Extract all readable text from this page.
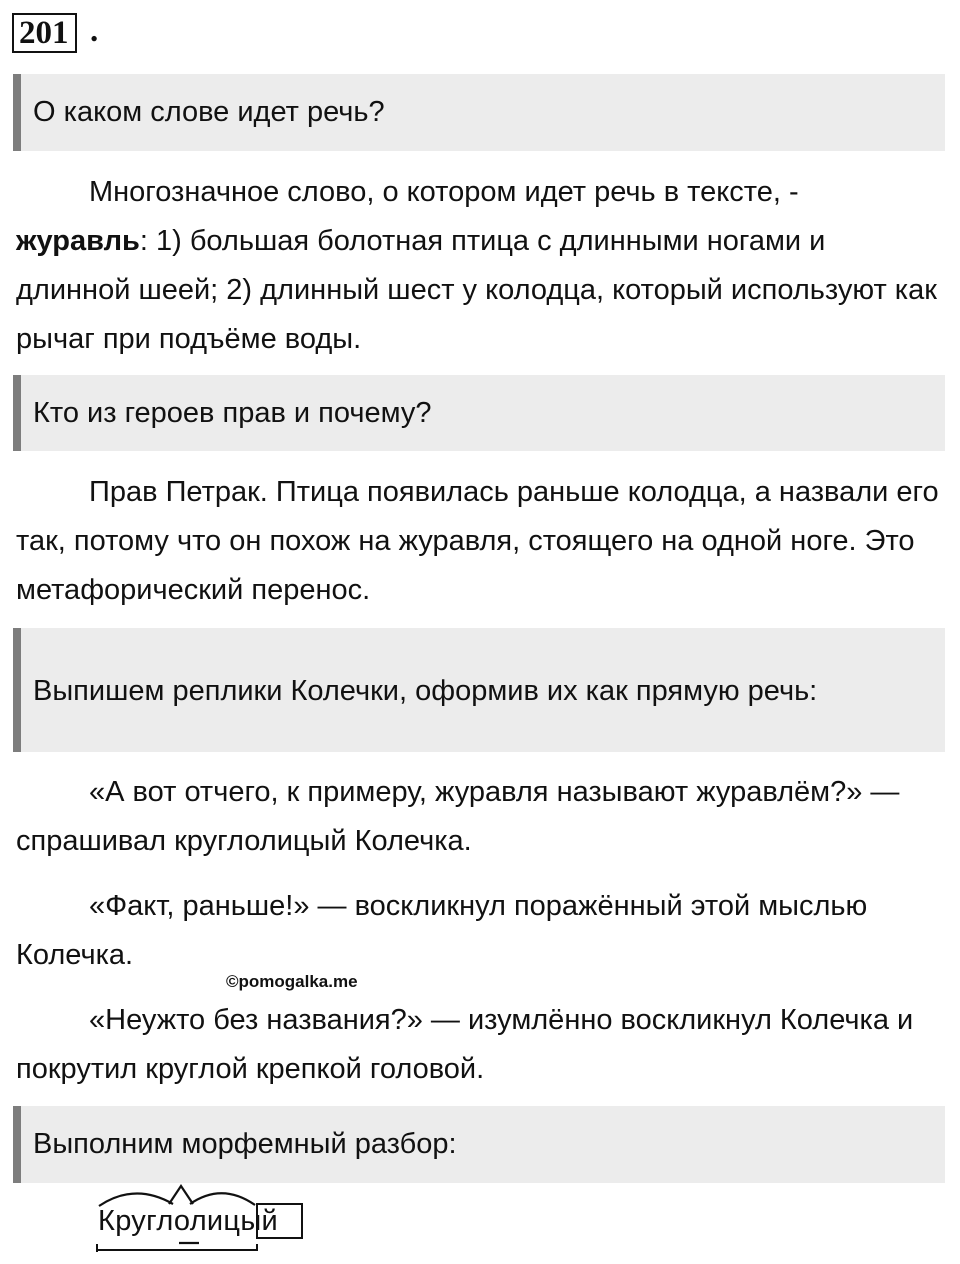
201 .
О каком слове идет речь?

Многозначное слово, о котором идет речь в тексте, -
журавль: 1) большая болотная птица с длинными ногами и длинной шеей; 2) длинный шест у колодца, который используют как рычаг при подъёме воды.

Кто из героев прав и почему?

Прав Петрак. Птица появилась раньше колодца, а назвали его так, потому что он похож на журавля, стоящего на одной ноге. Это метафорический перенос.

Выпишем реплики Колечки, оформив их как прямую речь:

«А вот отчего, к примеру, журавля называют журавлём?» — спрашивал круглолицый Колечка.

«Факт, раньше!» — воскликнул поражённый этой мыслью Колечка.

©pomogalka.me

«Неужто без названия?» — изумлённо воскликнул Колечка и покрутил круглой крепкой головой.

Выполним морфемный разбор:
Круглолицый
